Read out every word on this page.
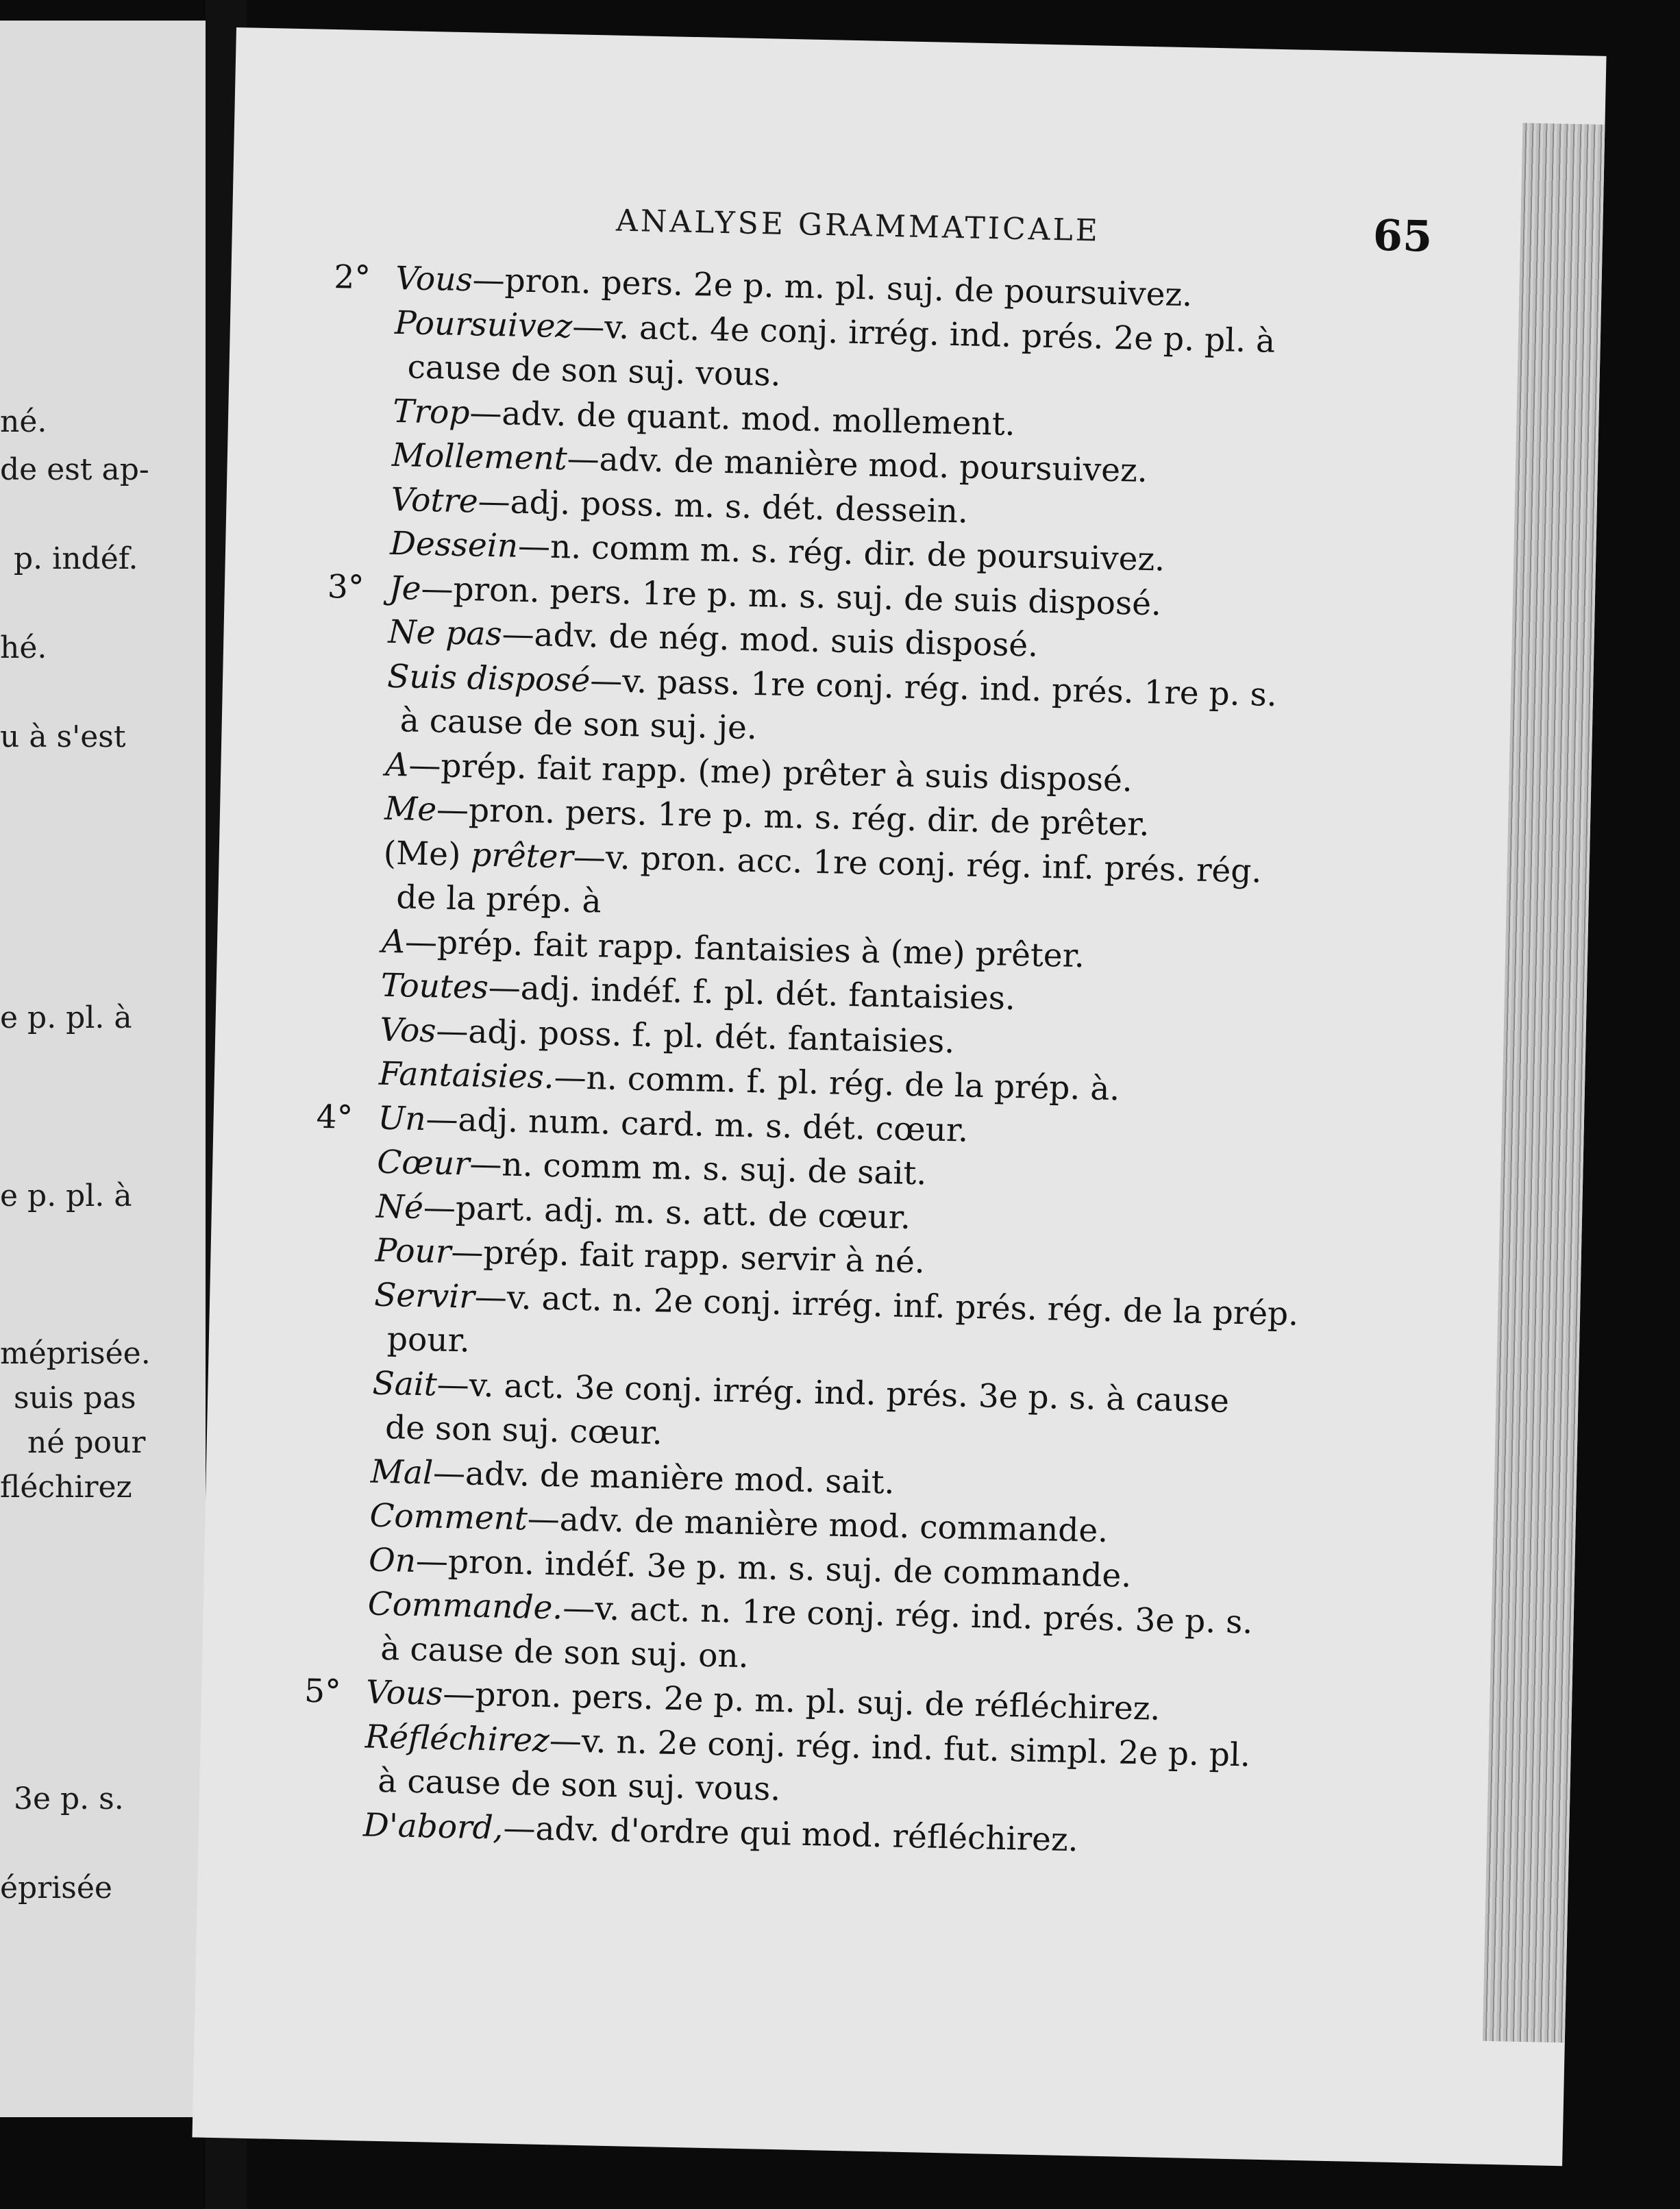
né.
de est ap-
p. indéf.
hé.
u à s'est
e p. pl. à
e p. pl. à
méprisée.
suis pas
né pour
fléchirez
3e p. s.
éprisée
ANALYSE GRAMMATICALE	65
2° Vous—pron. pers. 2e p. m. pl. suj. de poursuivez.
Poursuivez—v. act. 4e conj. irrég. ind. prés. 2e p. pl. à
cause de son suj. vous.
Trop—adv. de quant. mod. mollement.
Mollement—adv. de manière mod. poursuivez.
Votre—adj. poss. m. s. dét. dessein.
Dessein—n. comm m. s. rég. dir. de poursuivez.
3° Je—pron. pers. 1re p. m. s. suj. de suis disposé.
Ne pas—adv. de nég. mod. suis disposé.
Suis disposé—v. pass. 1re conj. rég. ind. prés. 1re p. s.
à cause de son suj. je.
A—prép. fait rapp. (me) prêter à suis disposé.
Me—pron. pers. 1re p. m. s. rég. dir. de prêter.
(Me) prêter—v. pron. acc. 1re conj. rég. inf. prés. rég.
de la prép. à
A—prép. fait rapp. fantaisies à (me) prêter.
Toutes—adj. indéf. f. pl. dét. fantaisies.
Vos—adj. poss. f. pl. dét. fantaisies.
Fantaisies.—n. comm. f. pl. rég. de la prép. à.
4° Un—adj. num. card. m. s. dét. cœur.
Cœur—n. comm m. s. suj. de sait.
Né—part. adj. m. s. att. de cœur.
Pour—prép. fait rapp. servir à né.
Servir—v. act. n. 2e conj. irrég. inf. prés. rég. de la prép.
pour.
Sait—v. act. 3e conj. irrég. ind. prés. 3e p. s. à cause
de son suj. cœur.
Mal—adv. de manière mod. sait.
Comment—adv. de manière mod. commande.
On—pron. indéf. 3e p. m. s. suj. de commande.
Commande.—v. act. n. 1re conj. rég. ind. prés. 3e p. s.
à cause de son suj. on.
5° Vous—pron. pers. 2e p. m. pl. suj. de réfléchirez.
Réfléchirez—v. n. 2e conj. rég. ind. fut. simpl. 2e p. pl.
à cause de son suj. vous.
D'abord,—adv. d'ordre qui mod. réfléchirez.
